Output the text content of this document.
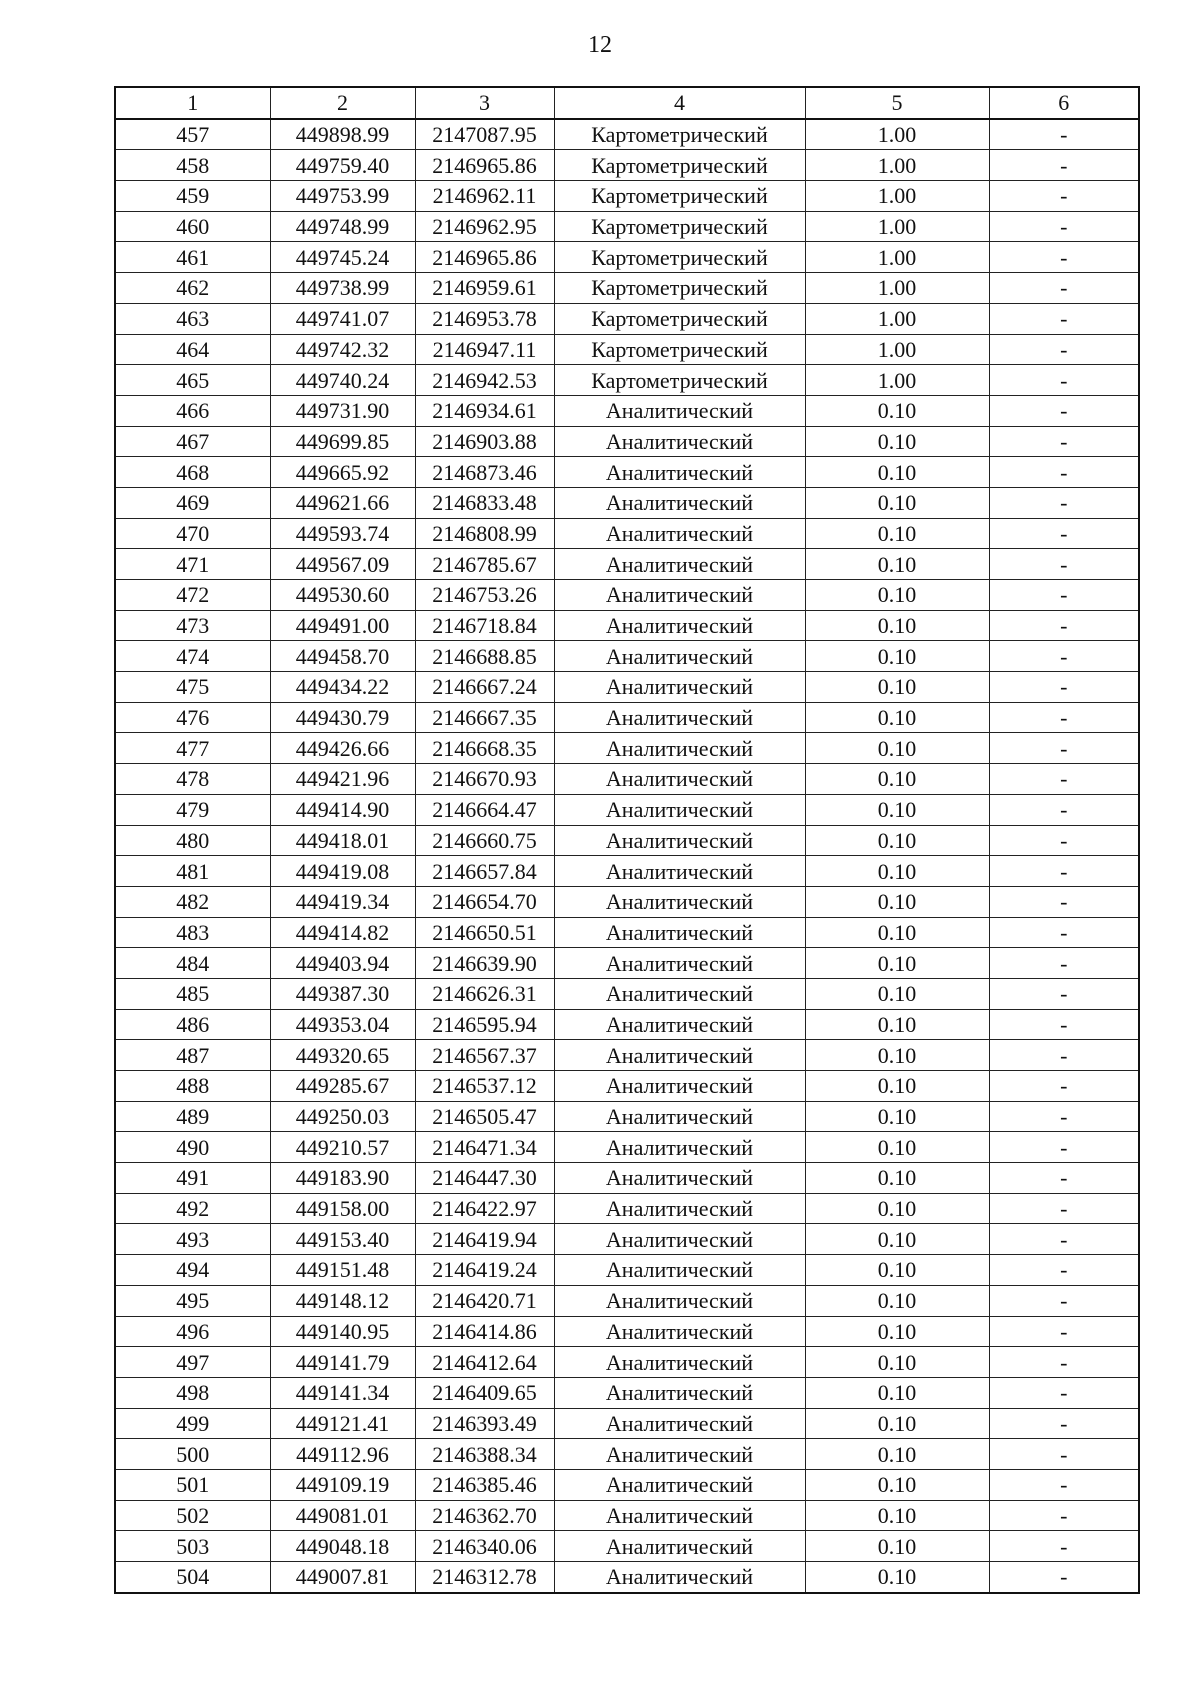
12
1	2	3	4	5	6
457	449898.99	2147087.95	Картометрический	1.00	-
458	449759.40	2146965.86	Картометрический	1.00	-
459	449753.99	2146962.11	Картометрический	1.00	-
460	449748.99	2146962.95	Картометрический	1.00	-
461	449745.24	2146965.86	Картометрический	1.00	-
462	449738.99	2146959.61	Картометрический	1.00	-
463	449741.07	2146953.78	Картометрический	1.00	-
464	449742.32	2146947.11	Картометрический	1.00	-
465	449740.24	2146942.53	Картометрический	1.00	-
466	449731.90	2146934.61	Аналитический	0.10	-
467	449699.85	2146903.88	Аналитический	0.10	-
468	449665.92	2146873.46	Аналитический	0.10	-
469	449621.66	2146833.48	Аналитический	0.10	-
470	449593.74	2146808.99	Аналитический	0.10	-
471	449567.09	2146785.67	Аналитический	0.10	-
472	449530.60	2146753.26	Аналитический	0.10	-
473	449491.00	2146718.84	Аналитический	0.10	-
474	449458.70	2146688.85	Аналитический	0.10	-
475	449434.22	2146667.24	Аналитический	0.10	-
476	449430.79	2146667.35	Аналитический	0.10	-
477	449426.66	2146668.35	Аналитический	0.10	-
478	449421.96	2146670.93	Аналитический	0.10	-
479	449414.90	2146664.47	Аналитический	0.10	-
480	449418.01	2146660.75	Аналитический	0.10	-
481	449419.08	2146657.84	Аналитический	0.10	-
482	449419.34	2146654.70	Аналитический	0.10	-
483	449414.82	2146650.51	Аналитический	0.10	-
484	449403.94	2146639.90	Аналитический	0.10	-
485	449387.30	2146626.31	Аналитический	0.10	-
486	449353.04	2146595.94	Аналитический	0.10	-
487	449320.65	2146567.37	Аналитический	0.10	-
488	449285.67	2146537.12	Аналитический	0.10	-
489	449250.03	2146505.47	Аналитический	0.10	-
490	449210.57	2146471.34	Аналитический	0.10	-
491	449183.90	2146447.30	Аналитический	0.10	-
492	449158.00	2146422.97	Аналитический	0.10	-
493	449153.40	2146419.94	Аналитический	0.10	-
494	449151.48	2146419.24	Аналитический	0.10	-
495	449148.12	2146420.71	Аналитический	0.10	-
496	449140.95	2146414.86	Аналитический	0.10	-
497	449141.79	2146412.64	Аналитический	0.10	-
498	449141.34	2146409.65	Аналитический	0.10	-
499	449121.41	2146393.49	Аналитический	0.10	-
500	449112.96	2146388.34	Аналитический	0.10	-
501	449109.19	2146385.46	Аналитический	0.10	-
502	449081.01	2146362.70	Аналитический	0.10	-
503	449048.18	2146340.06	Аналитический	0.10	-
504	449007.81	2146312.78	Аналитический	0.10	-
